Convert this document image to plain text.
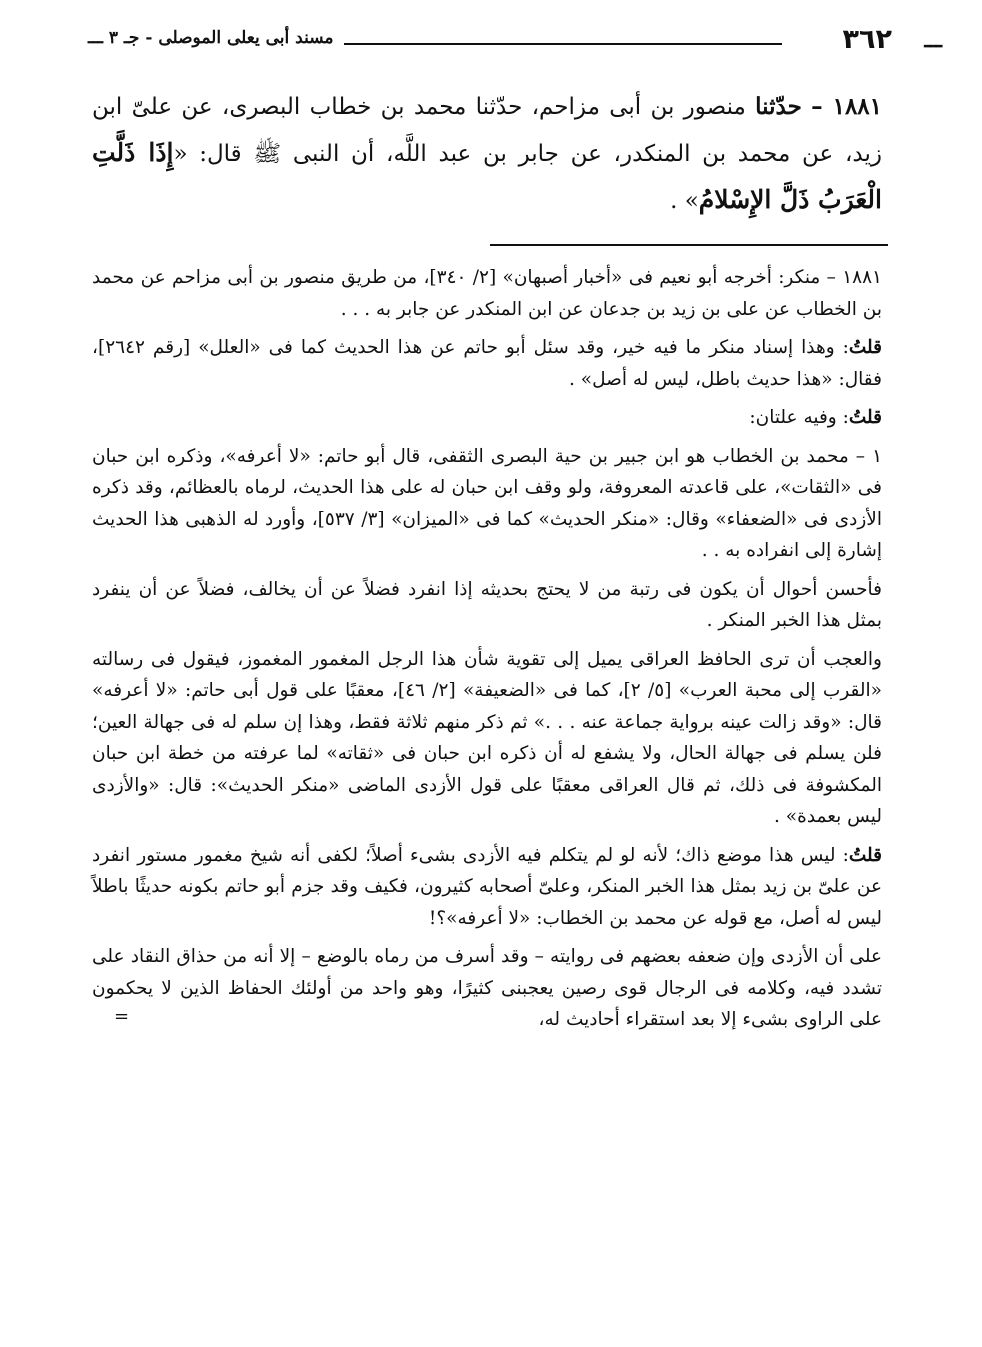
ـــ
٣٦٢
مسند أبى يعلى الموصلى - جـ ٣ ـــ
١٨٨١ – حدّثنا منصور بن أبى مزاحم، حدّثنا محمد بن خطاب البصرى، عن علىّ ابن زيد، عن محمد بن المنكدر، عن جابر بن عبد اللَّه، أن النبى ﷺ قال: «إِذَا ذَلَّتِ الْعَرَبُ ذَلَّ الإِسْلامُ» .

١٨٨١ – منكر: أخرجه أبو نعيم فى «أخبار أصبهان» [٢/ ٣٤٠]، من طريق منصور بن أبى مزاحم عن محمد بن الخطاب عن على بن زيد بن جدعان عن ابن المنكدر عن جابر به . . .

قلتُ: وهذا إسناد منكر ما فيه خير، وقد سئل أبو حاتم عن هذا الحديث كما فى «العلل» [رقم ٢٦٤٢]، فقال: «هذا حديث باطل، ليس له أصل» .

قلتُ: وفيه علتان:

١ – محمد بن الخطاب هو ابن جبير بن حية البصرى الثقفى، قال أبو حاتم: «لا أعرفه»، وذكره ابن حبان فى «الثقات»، على قاعدته المعروفة، ولو وقف ابن حبان له على هذا الحديث، لرماه بالعظائم، وقد ذكره الأزدى فى «الضعفاء» وقال: «منكر الحديث» كما فى «الميزان» [٣/ ٥٣٧]، وأورد له الذهبى هذا الحديث إشارة إلى انفراده به . .

فأحسن أحوال أن يكون فى رتبة من لا يحتج بحديثه إذا انفرد فضلاً عن أن يخالف، فضلاً عن أن ينفرد بمثل هذا الخبر المنكر .

والعجب أن ترى الحافظ العراقى يميل إلى تقوية شأن هذا الرجل المغمور المغموز، فيقول فى رسالته «القرب إلى محبة العرب» [٥/ ٢]، كما فى «الضعيفة» [٢/ ٤٦]، معقبًا على قول أبى حاتم: «لا أعرفه» قال: «وقد زالت عينه برواية جماعة عنه . . .» ثم ذكر منهم ثلاثة فقط، وهذا إن سلم له فى جهالة العين؛ فلن يسلم فى جهالة الحال، ولا يشفع له أن ذكره ابن حبان فى «ثقاته» لما عرفته من خطة ابن حبان المكشوفة فى ذلك، ثم قال العراقى معقبًا على قول الأزدى الماضى «منكر الحديث»: قال: «والأزدى ليس بعمدة» .

قلتُ: ليس هذا موضع ذاك؛ لأنه لو لم يتكلم فيه الأزدى بشىء أصلاً؛ لكفى أنه شيخ مغمور مستور انفرد عن علىّ بن زيد بمثل هذا الخبر المنكر، وعلىّ أصحابه كثيرون، فكيف وقد جزم أبو حاتم بكونه حديثًا باطلاً ليس له أصل، مع قوله عن محمد بن الخطاب: «لا أعرفه»؟!

على أن الأزدى وإن ضعفه بعضهم فى روايته – وقد أسرف من رماه بالوضع – إلا أنه من حذاق النقاد على تشدد فيه، وكلامه فى الرجال قوى رصين يعجبنى كثيرًا، وهو واحد من أولئك الحفاظ الذين لا يحكمون على الراوى بشىء إلا بعد استقراء أحاديث له،

=
